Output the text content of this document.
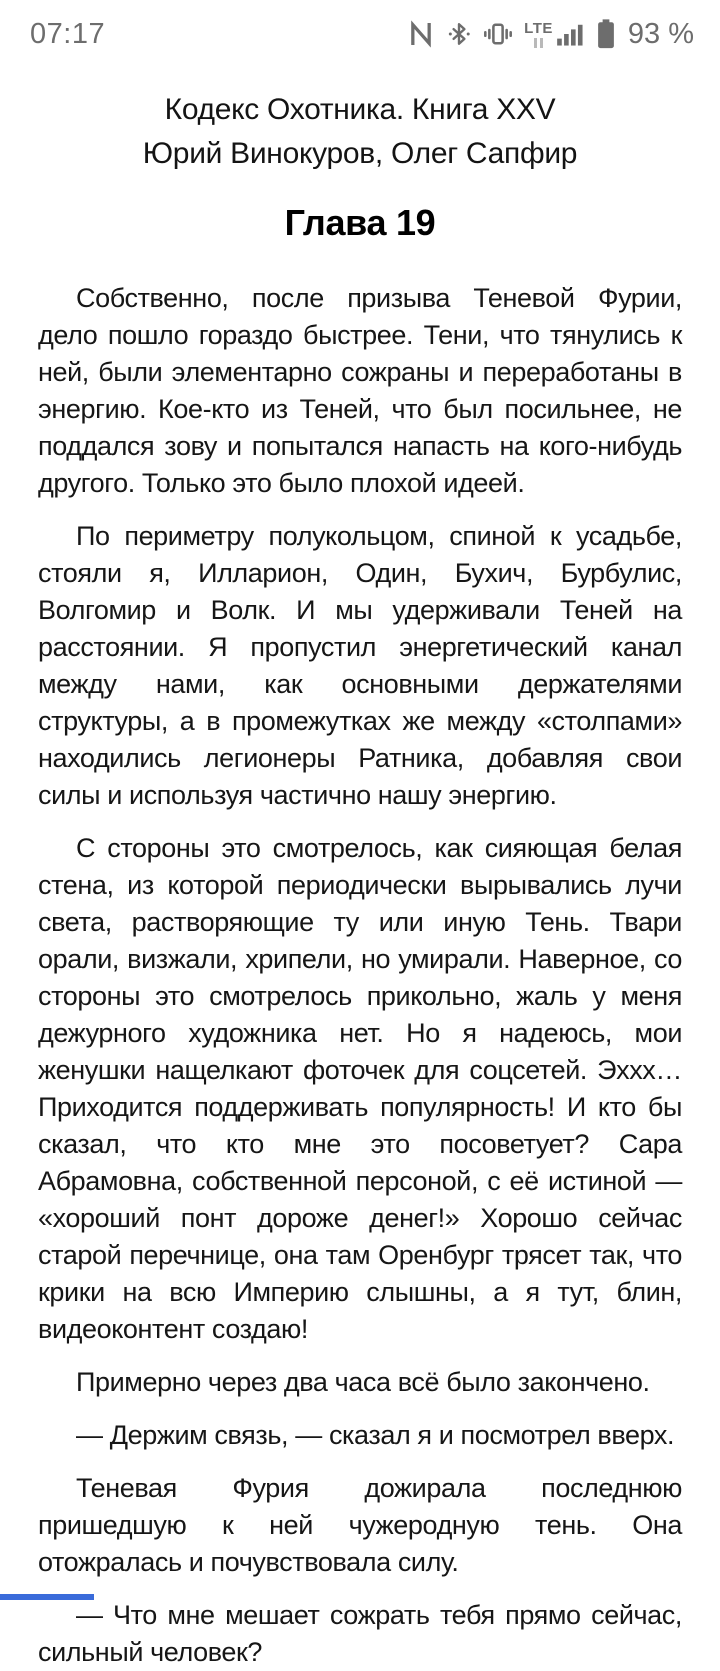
07:17	LTE	93 %
Кодекс Охотника. Книга XXV
Юрий Винокуров, Олег Сапфир
Глава 19

Собственно, после призыва Теневой Фурии, дело пошло гораздо быстрее. Тени, что тянулись к ней, были элементарно сожраны и переработаны в энергию. Кое-кто из Теней, что был посильнее, не поддался зову и попытался напасть на кого-нибудь другого. Только это было плохой идеей.

По периметру полукольцом, спиной к усадьбе, стояли я, Илларион, Один, Бухич, Бурбулис, Волгомир и Волк. И мы удерживали Теней на расстоянии. Я пропустил энергетический канал между нами, как основными держателями структуры, а в промежутках же между «столпами» находились легионеры Ратника, добавляя свои силы и используя частично нашу энергию.

С стороны это смотрелось, как сияющая белая стена, из которой периодически вырывались лучи света, растворяющие ту или иную Тень. Твари орали, визжали, хрипели, но умирали. Наверное, со стороны это смотрелось прикольно, жаль у меня дежурного художника нет. Но я надеюсь, мои женушки нащелкают фоточек для соцсетей. Эххх… Приходится поддерживать популярность! И кто бы сказал, что кто мне это посоветует? Сара Абрамовна, собственной персоной, с её истиной — «хороший понт дороже денег!» Хорошо сейчас старой перечнице, она там Оренбург трясет так, что крики на всю Империю слышны, а я тут, блин, видеоконтент создаю!

Примерно через два часа всё было закончено.

— Держим связь, — сказал я и посмотрел вверх.

Теневая Фурия дожирала последнюю пришедшую к ней чужеродную тень. Она отожралась и почувствовала силу.

— Что мне мешает сожрать тебя прямо сейчас, сильный человек?
